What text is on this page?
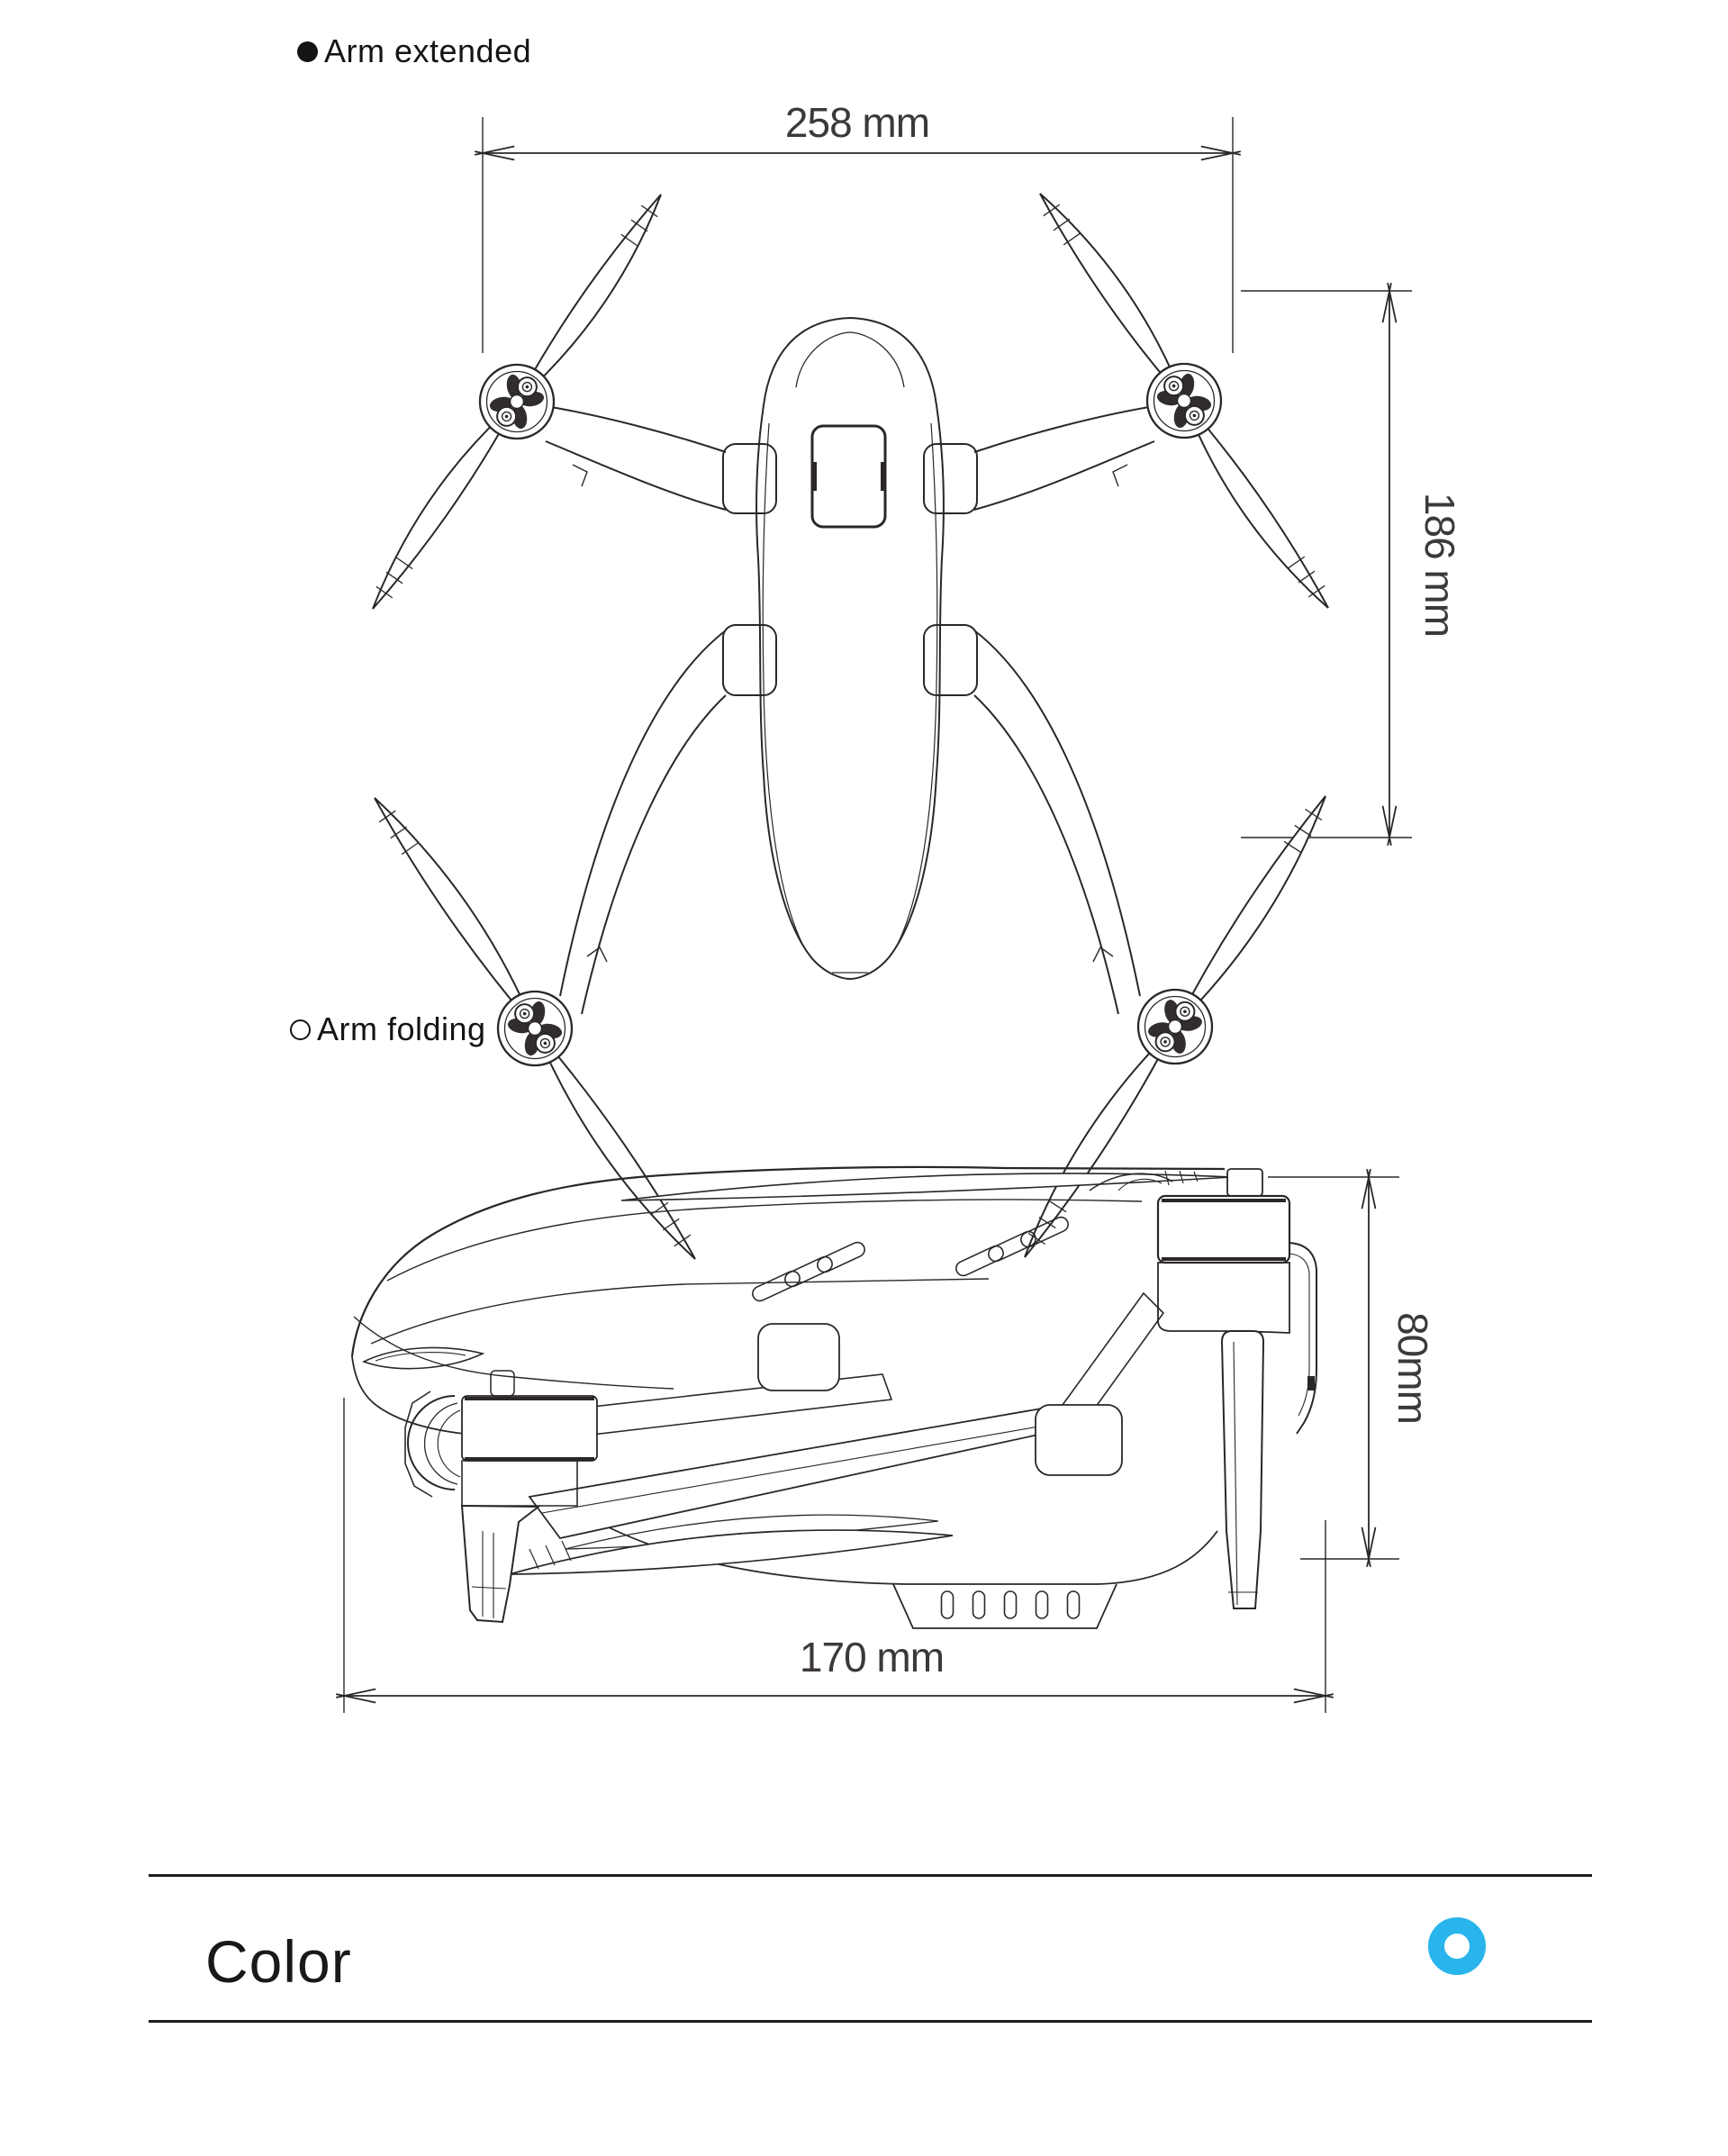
Arm extended
258 mm
186 mm
Arm folding
170 mm
80mm
Color
